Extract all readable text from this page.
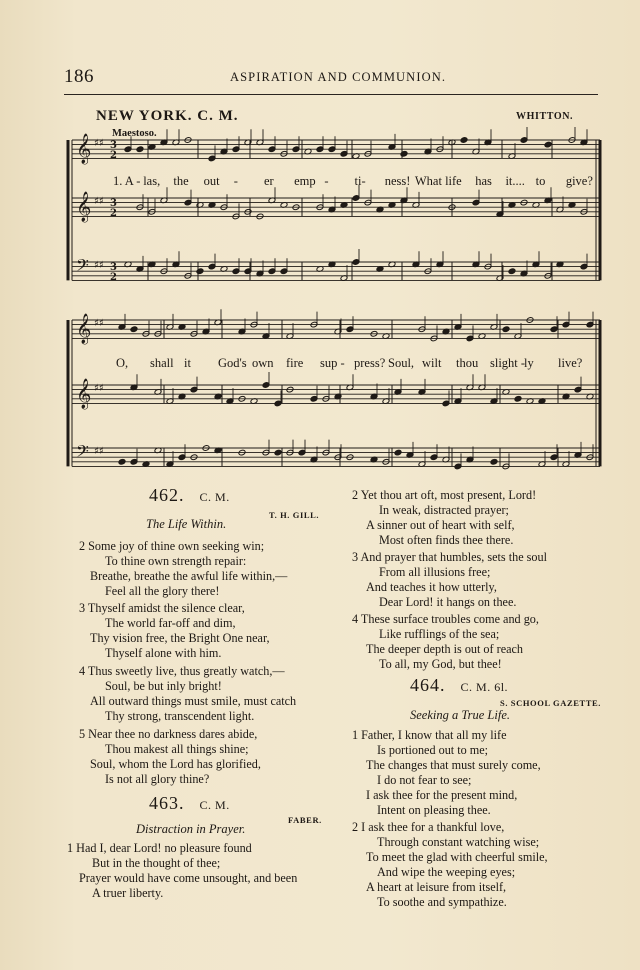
186	ASPIRATION AND COMMUNION.
NEW YORK. C. M.	WHITTON.
Maestoso.
𝄞 ♯♯
𝄞 ♯♯
𝄢 ♯♯
3
2
3
2
3
2
𝄞 ♯♯
𝄞 ♯♯
𝄢 ♯♯
1. A - las, the out - er emp - ti- ness! What life has it.... to give?
O, shall it God's own fire sup - press? Soul, wilt thou slight -
ly live?
462. C. M.
T. H. GILL.
The Life Within.
2 Some joy of thine own seeking win;
To thine own strength repair:
Breathe, breathe the awful life within,—
Feel all the glory there!
3 Thyself amidst the silence clear,
The world far-off and dim,
Thy vision free, the Bright One near,
Thyself alone with him.
4 Thus sweetly live, thus greatly watch,—
Soul, be but inly bright!
All outward things must smile, must catch
Thy strong, transcendent light.
5 Near thee no darkness dares abide,
Thou makest all things shine;
Soul, whom the Lord has glorified,
Is not all glory thine?
463. C. M.
FABER.
Distraction in Prayer.
1 Had I, dear Lord! no pleasure found
But in the thought of thee;
Prayer would have come unsought, and been
A truer liberty.
2 Yet thou art oft, most present, Lord!
In weak, distracted prayer;
A sinner out of heart with self,
Most often finds thee there.
3 And prayer that humbles, sets the soul
From all illusions free;
And teaches it how utterly,
Dear Lord! it hangs on thee.
4 These surface troubles come and go,
Like rufflings of the sea;
The deeper depth is out of reach
To all, my God, but thee!
464. C. M. 6l.
S. SCHOOL GAZETTE.
Seeking a True Life.
1 Father, I know that all my life
Is portioned out to me;
The changes that must surely come,
I do not fear to see;
I ask thee for the present mind,
Intent on pleasing thee.
2 I ask thee for a thankful love,
Through constant watching wise;
To meet the glad with cheerful smile,
And wipe the weeping eyes;
A heart at leisure from itself,
To soothe and sympathize.
